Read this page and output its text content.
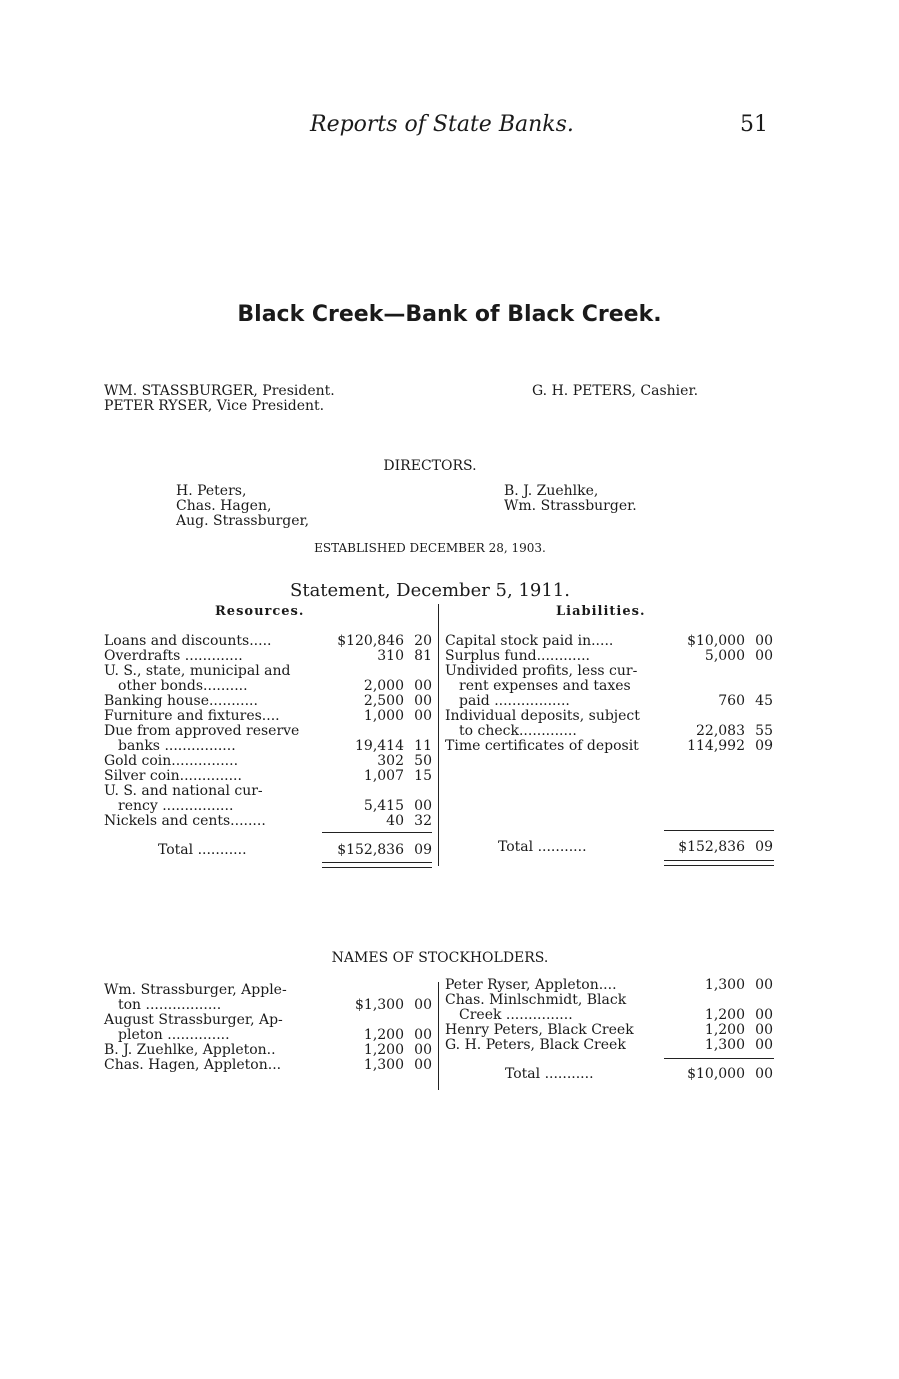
Reports of State Banks.	51
Black Creek—Bank of Black Creek.
WM. STASSBURGER, President.
PETER RYSER, Vice President.
G. H. PETERS, Cashier.
DIRECTORS.
H. Peters,
Chas. Hagen,
Aug. Strassburger,
B. J. Zuehlke,
Wm. Strassburger.
ESTABLISHED DECEMBER 28, 1903.
Statement, December 5, 1911.
Resources.	Liabilities.
Loans and discounts.....	$120,846 20
Overdrafts .............	310 81
U. S., state, municipal and
other bonds..........	2,000 00
Banking house...........	2,500 00
Furniture and fixtures....	1,000 00
Due from approved reserve
banks ................	19,414 11
Gold coin...............	302 50
Silver coin..............	1,007 15
U. S. and national cur-
rency ................	5,415 00
Nickels and cents........	40 32
Total ...........	$152,836 09
Capital stock paid in.....	$10,000 00
Surplus fund............	5,000 00
Undivided profits, less cur-
rent expenses and taxes
paid .................	760 45
Individual deposits, subject
to check.............	22,083 55
Time certificates of deposit	114,992 09
Total ...........	$152,836 09
NAMES OF STOCKHOLDERS.
Wm. Strassburger, Apple-
ton .................	$1,300 00
August Strassburger, Ap-
pleton ..............	1,200 00
B. J. Zuehlke, Appleton..	1,200 00
Chas. Hagen, Appleton...	1,300 00
Peter Ryser, Appleton....	1,300 00
Chas. Minlschmidt, Black
Creek ...............	1,200 00
Henry Peters, Black Creek	1,200 00
G. H. Peters, Black Creek	1,300 00
Total ...........	$10,000 00
